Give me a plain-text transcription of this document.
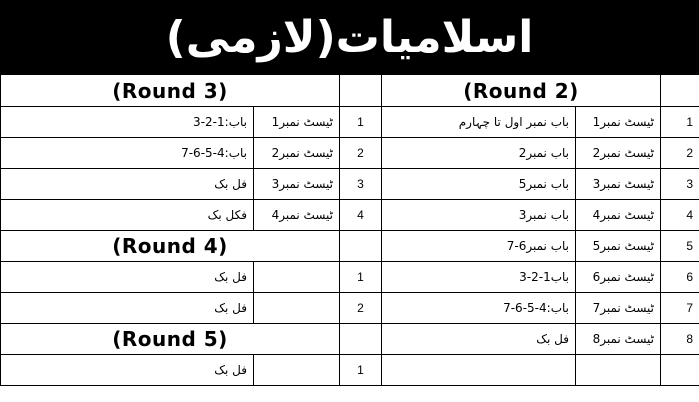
اسلامیات(لازمی)
(Round 3)			(Round 2)		
باب:1-2-3	ٹیسٹ نمبر1	1	باب نمبر اول تا چہارم	ٹیسٹ نمبر1	1
باب:4-5-6-7	ٹیسٹ نمبر2	2	باب نمبر2	ٹیسٹ نمبر2	2
فل بک	ٹیسٹ نمبر3	3	باب نمبر5	ٹیسٹ نمبر3	3
فکل بک	ٹیسٹ نمبر4	4	باب نمبر3	ٹیسٹ نمبر4	4
(Round 4)			باب نمبر6-7	ٹیسٹ نمبر5	5
فل بک		1	باب1-2-3	ٹیسٹ نمبر6	6
فل بک		2	باب:4-5-6-7	ٹیسٹ نمبر7	7
(Round 5)			فل بک	ٹیسٹ نمبر8	8
فل بک		1			
